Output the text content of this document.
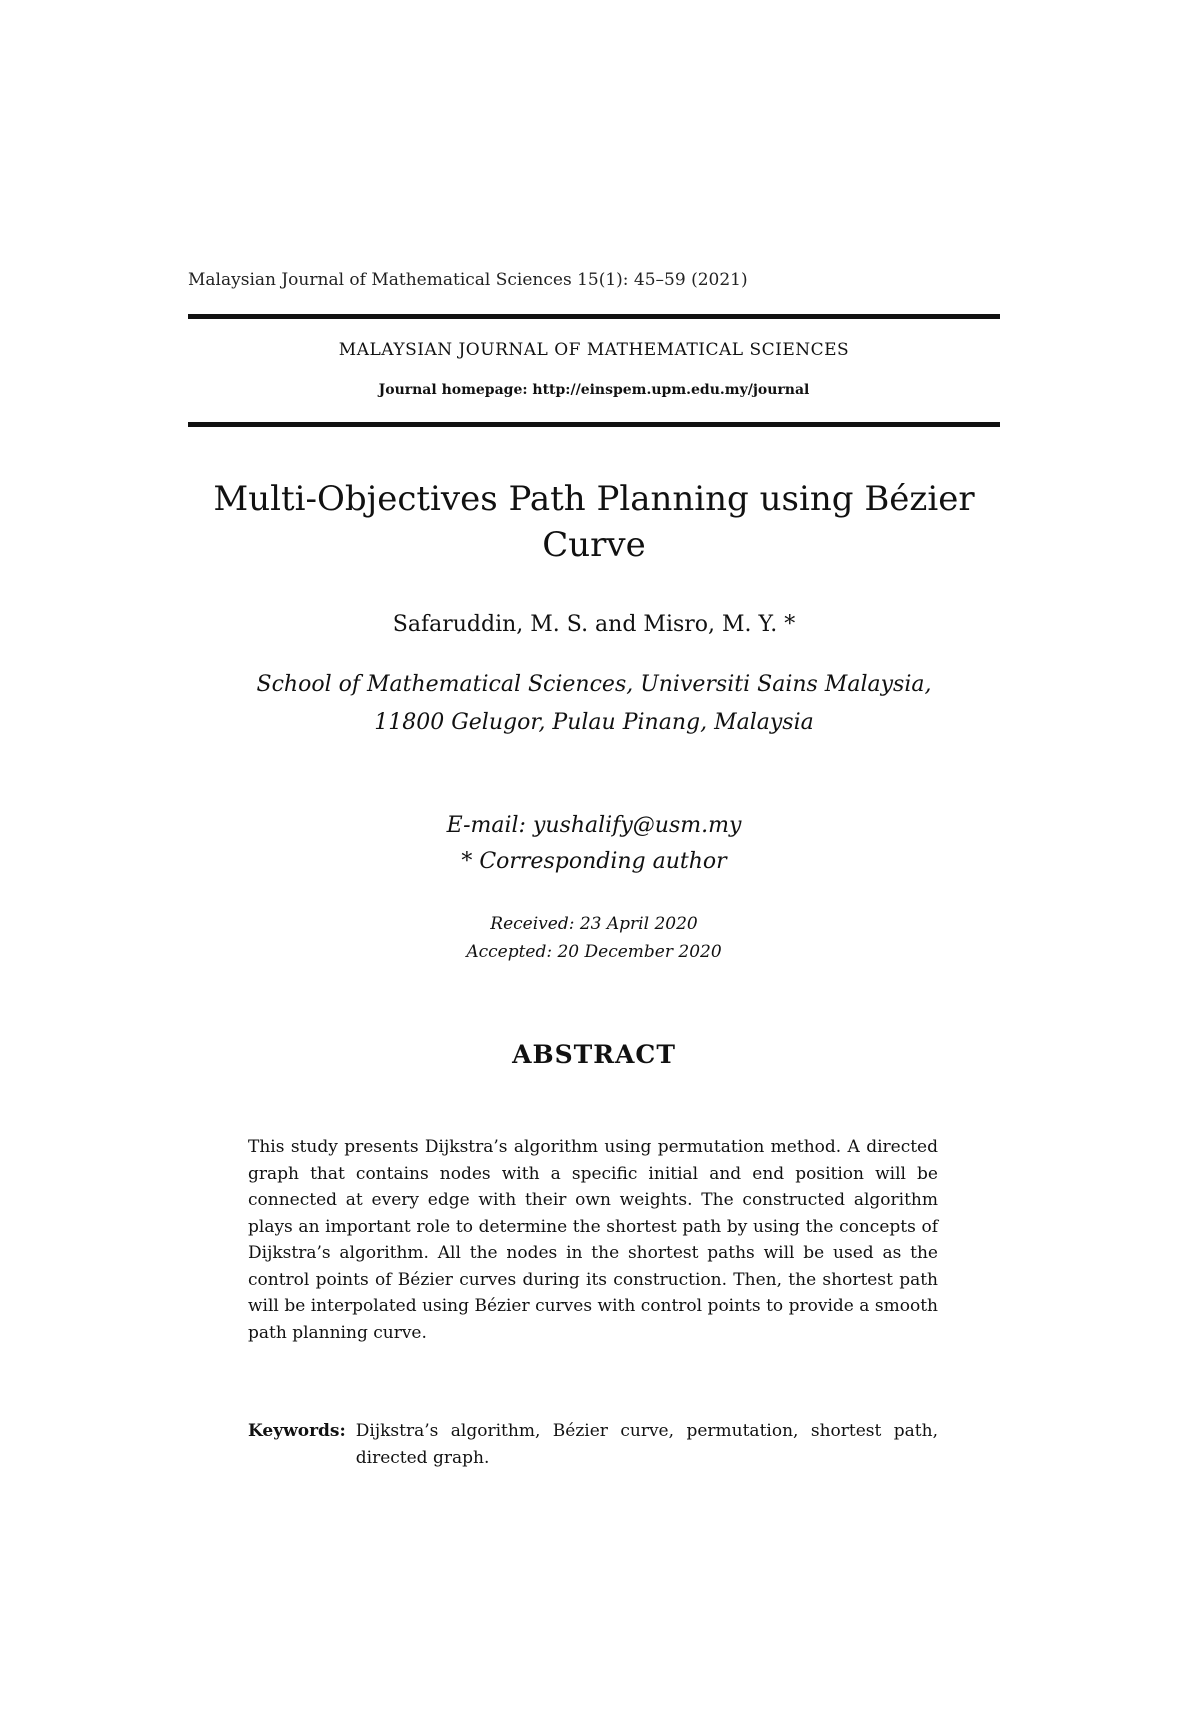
Malaysian Journal of Mathematical Sciences 15(1): 45–59 (2021)
MALAYSIAN JOURNAL OF MATHEMATICAL SCIENCES
Journal homepage: http://einspem.upm.edu.my/journal
Multi-Objectives Path Planning using Bézier Curve
Safaruddin, M. S. and Misro, M. Y. *
School of Mathematical Sciences, Universiti Sains Malaysia,
11800 Gelugor, Pulau Pinang, Malaysia
E-mail: yushalify@usm.my
* Corresponding author
Received: 23 April 2020
Accepted: 20 December 2020
ABSTRACT
This study presents Dijkstra’s algorithm using permutation method. A directed graph that contains nodes with a specific initial and end position will be connected at every edge with their own weights. The constructed algorithm plays an important role to determine the shortest path by using the concepts of Dijkstra’s algorithm. All the nodes in the shortest paths will be used as the control points of Bézier curves during its construction. Then, the shortest path will be interpolated using Bézier curves with control points to provide a smooth path planning curve.
Keywords: Dijkstra’s algorithm, Bézier curve, permutation, shortest path, directed graph.
